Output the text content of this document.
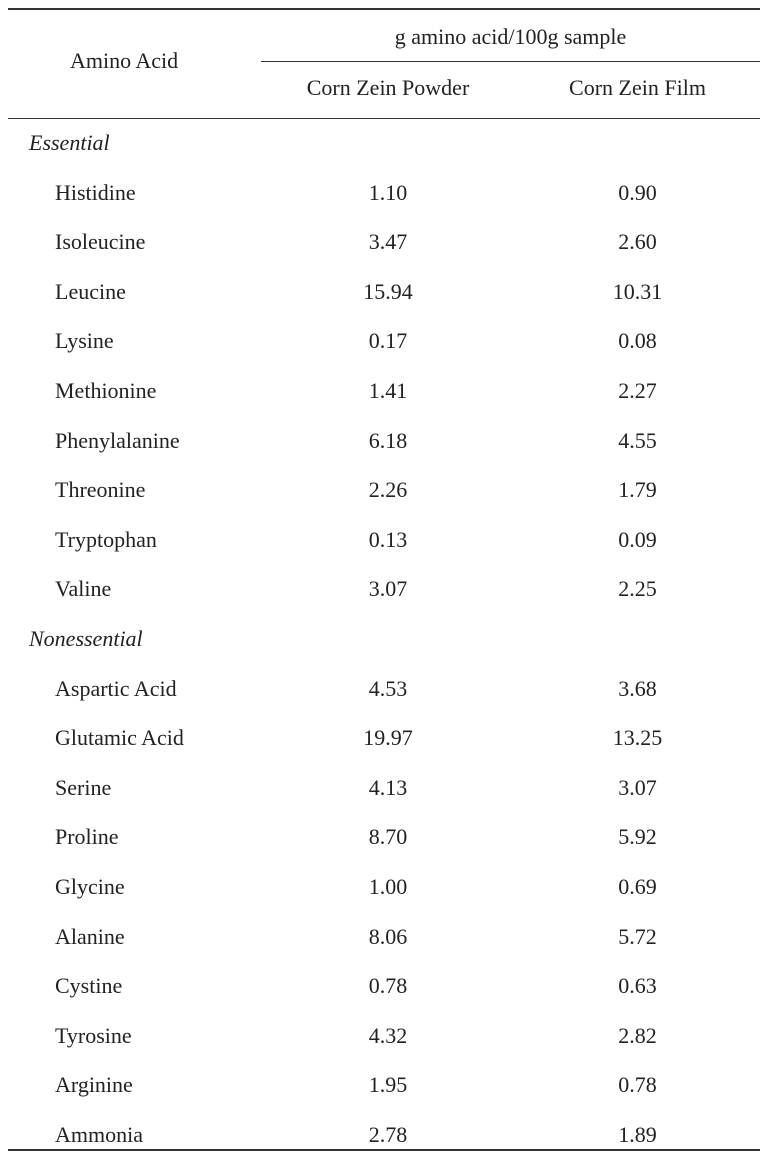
Amino Acid
g amino acid/100g sample
Corn Zein Powder	Corn Zein Film
Essential
Histidine	1.10	0.90
Isoleucine	3.47	2.60
Leucine	15.94	10.31
Lysine	0.17	0.08
Methionine	1.41	2.27
Phenylalanine	6.18	4.55
Threonine	2.26	1.79
Tryptophan	0.13	0.09
Valine	3.07	2.25
Nonessential
Aspartic Acid	4.53	3.68
Glutamic Acid	19.97	13.25
Serine	4.13	3.07
Proline	8.70	5.92
Glycine	1.00	0.69
Alanine	8.06	5.72
Cystine	0.78	0.63
Tyrosine	4.32	2.82
Arginine	1.95	0.78
Ammonia	2.78	1.89
